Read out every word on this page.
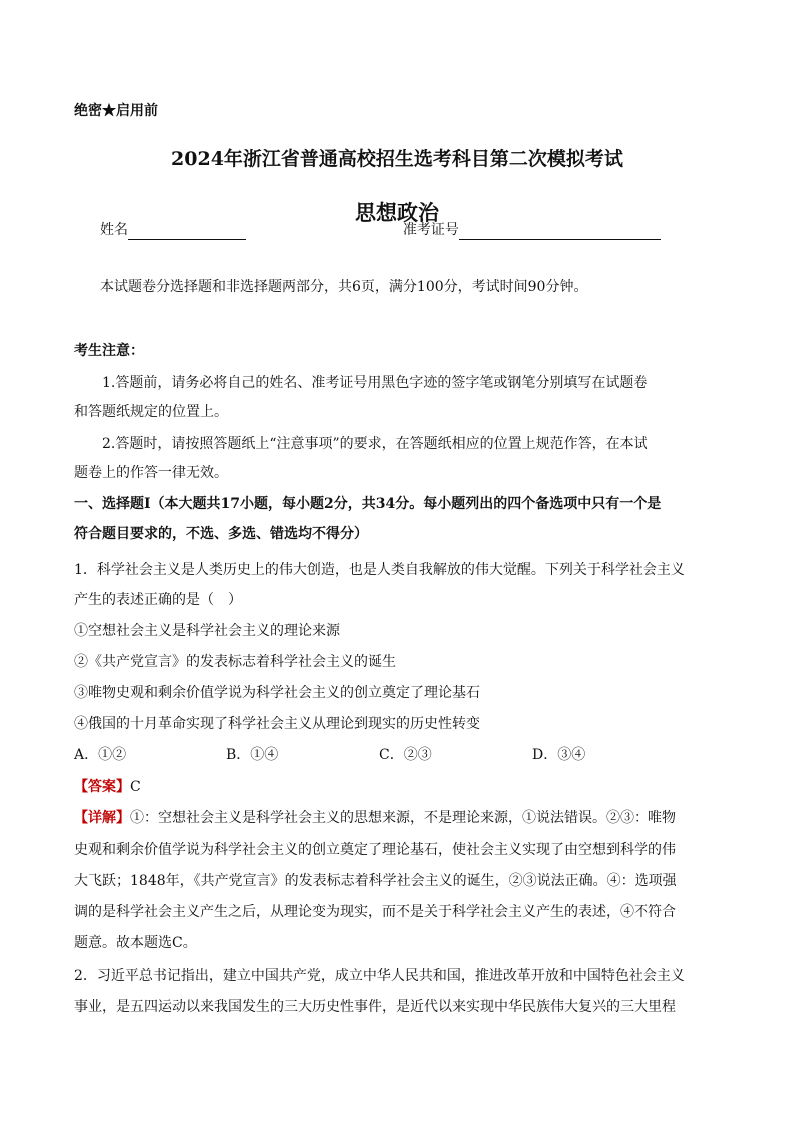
绝密★启用前
2024年浙江省普通高校招生选考科目第二次模拟考试
思想政治
姓名	准考证号
本试题卷分选择题和非选择题两部分，共6页，满分100分，考试时间90分钟。
考生注意：
1.答题前，请务必将自己的姓名、准考证号用黑色字迹的签字笔或钢笔分别填写在试题卷
和答题纸规定的位置上。
2.答题时，请按照答题纸上“注意事项”的要求，在答题纸相应的位置上规范作答，在本试
题卷上的作答一律无效。
一、选择题Ⅰ（本大题共17小题，每小题2分，共34分。每小题列出的四个备选项中只有一个是
符合题目要求的，不选、多选、错选均不得分）
1．科学社会主义是人类历史上的伟大创造，也是人类自我解放的伟大觉醒。下列关于科学社会主义
产生的表述正确的是（　）
①空想社会主义是科学社会主义的理论来源
②《共产党宣言》的发表标志着科学社会主义的诞生
③唯物史观和剩余价值学说为科学社会主义的创立奠定了理论基石
④俄国的十月革命实现了科学社会主义从理论到现实的历史性转变
A．①②	B．①④	C．②③	D．③④
【答案】C
【详解】①：空想社会主义是科学社会主义的思想来源，不是理论来源，①说法错误。②③：唯物
史观和剩余价值学说为科学社会主义的创立奠定了理论基石，使社会主义实现了由空想到科学的伟
大飞跃；1848年，《共产党宣言》的发表标志着科学社会主义的诞生，②③说法正确。④：选项强
调的是科学社会主义产生之后，从理论变为现实，而不是关于科学社会主义产生的表述，④不符合
题意。故本题选C。
2．习近平总书记指出，建立中国共产党，成立中华人民共和国，推进改革开放和中国特色社会主义
事业，是五四运动以来我国发生的三大历史性事件，是近代以来实现中华民族伟大复兴的三大里程
